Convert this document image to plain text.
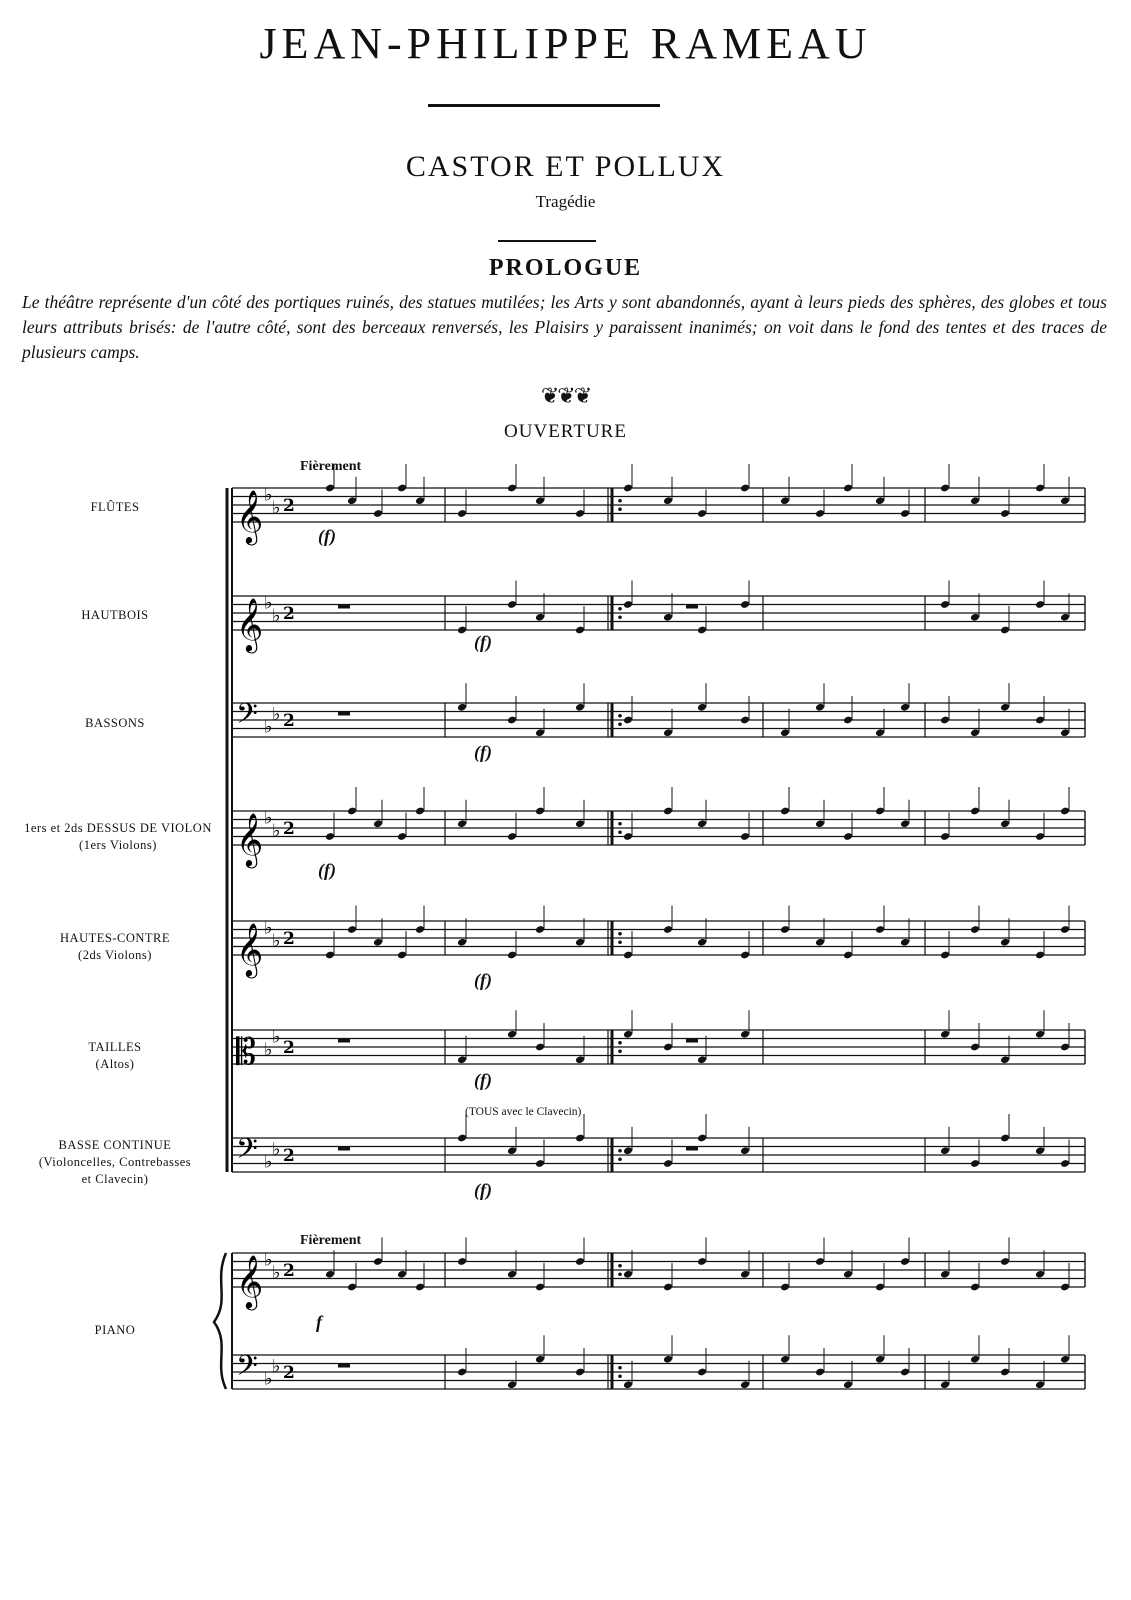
JEAN-PHILIPPE RAMEAU
CASTOR ET POLLUX
Tragédie
PROLOGUE
Le théâtre représente d'un côté des portiques ruinés, des statues mutilées; les Arts y sont abandonnés, ayant à leurs pieds des sphères, des globes et tous leurs attributs brisés: de l'autre côté, sont des berceaux renversés, les Plaisirs y paraissent inanimés; on voit dans le fond des tentes et des traces de plusieurs camps.
❦❦❦
OUVERTURE
𝄞 ♭
♭ 2
𝄞 ♭
♭ 2
𝄢 ♭
♭ 2
𝄞 ♭
♭ 2
𝄞 ♭
♭ 2
𝄡 ♭
♭
2
𝄢 ♭
♭ 2
𝄞 ♭
♭ 2
𝄢 ♭
♭ 2
Fièrement
Fièrement
(TOUS avec le Clavecin)
FLÛTES
HAUTBOIS
BASSONS
1ers et 2ds DESSUS DE VIOLON
(1ers Violons)
HAUTES-CONTRE
(2ds Violons)
TAILLES
(Altos)
BASSE CONTINUE
(Violoncelles, Contrebasses
et Clavecin)
PIANO
(f)
(f)
(f)
(f)
(f)
(f)
(f)
f
